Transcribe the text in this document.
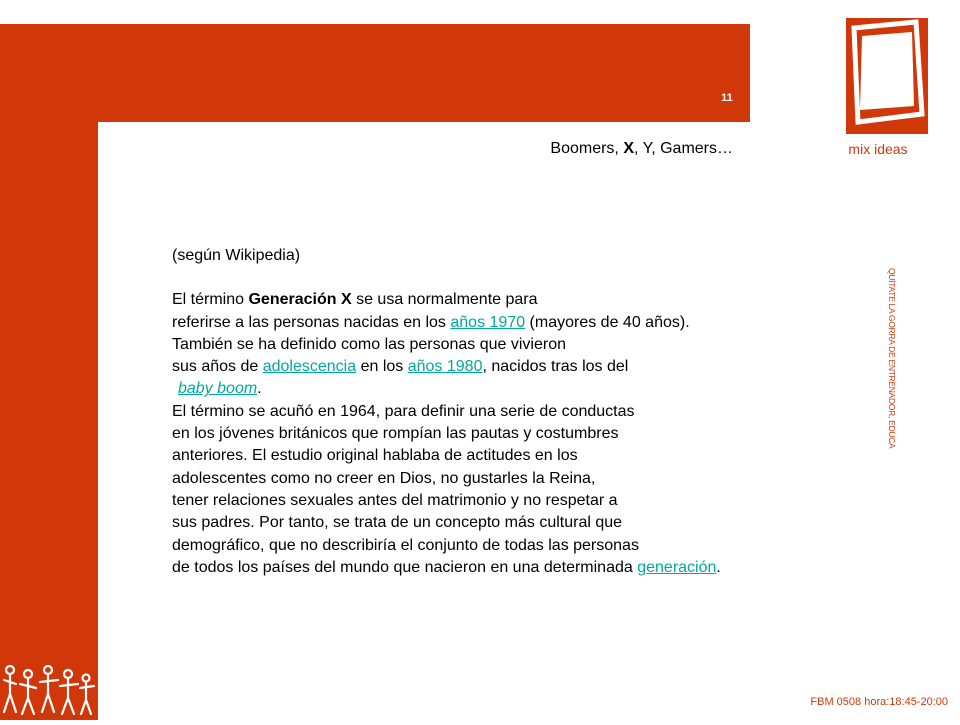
11
mix ideas
Boomers, X, Y, Gamers…
QUÍTATE LA GORRA DE ENTRENADOR, EDUCA

(según Wikipedia)

El término Generación X se usa normalmente para

referirse a las personas nacidas en los años 1970 (mayores de 40 años).

También se ha definido como las personas que vivieron

sus años de adolescencia en los años 1980, nacidos tras los del

baby boom.

El término se acuñó en 1964, para definir una serie de conductas

en los jóvenes británicos que rompían las pautas y costumbres

anteriores. El estudio original hablaba de actitudes en los

adolescentes como no creer en Dios, no gustarles la Reina,

tener relaciones sexuales antes del matrimonio y no respetar a

sus padres. Por tanto, se trata de un concepto más cultural que

demográfico, que no describiría el conjunto de todas las personas

de todos los países del mundo que nacieron en una determinada generación.

FBM 0508 hora:18:45-20:00
